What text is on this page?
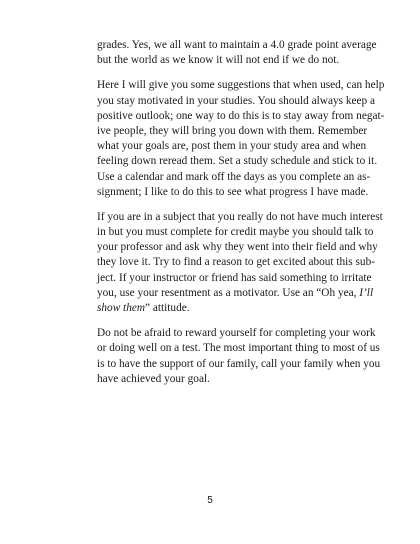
grades. Yes, we all want to maintain a 4.0 grade point average
but the world as we know it will not end if we do not.
Here I will give you some suggestions that when used, can help
you stay motivated in your studies. You should always keep a
positive outlook; one way to do this is to stay away from negat-
ive people, they will bring you down with them. Remember
what your goals are, post them in your study area and when
feeling down reread them. Set a study schedule and stick to it.
Use a calendar and mark off the days as you complete an as-
signment; I like to do this to see what progress I have made.
If you are in a subject that you really do not have much interest
in but you must complete for credit maybe you should talk to
your professor and ask why they went into their field and why
they love it. Try to find a reason to get excited about this sub-
ject. If your instructor or friend has said something to irritate
you, use your resentment as a motivator. Use an “Oh yea, I’ll
show them” attitude.
Do not be afraid to reward yourself for completing your work
or doing well on a test. The most important thing to most of us
is to have the support of our family, call your family when you
have achieved your goal.
5
